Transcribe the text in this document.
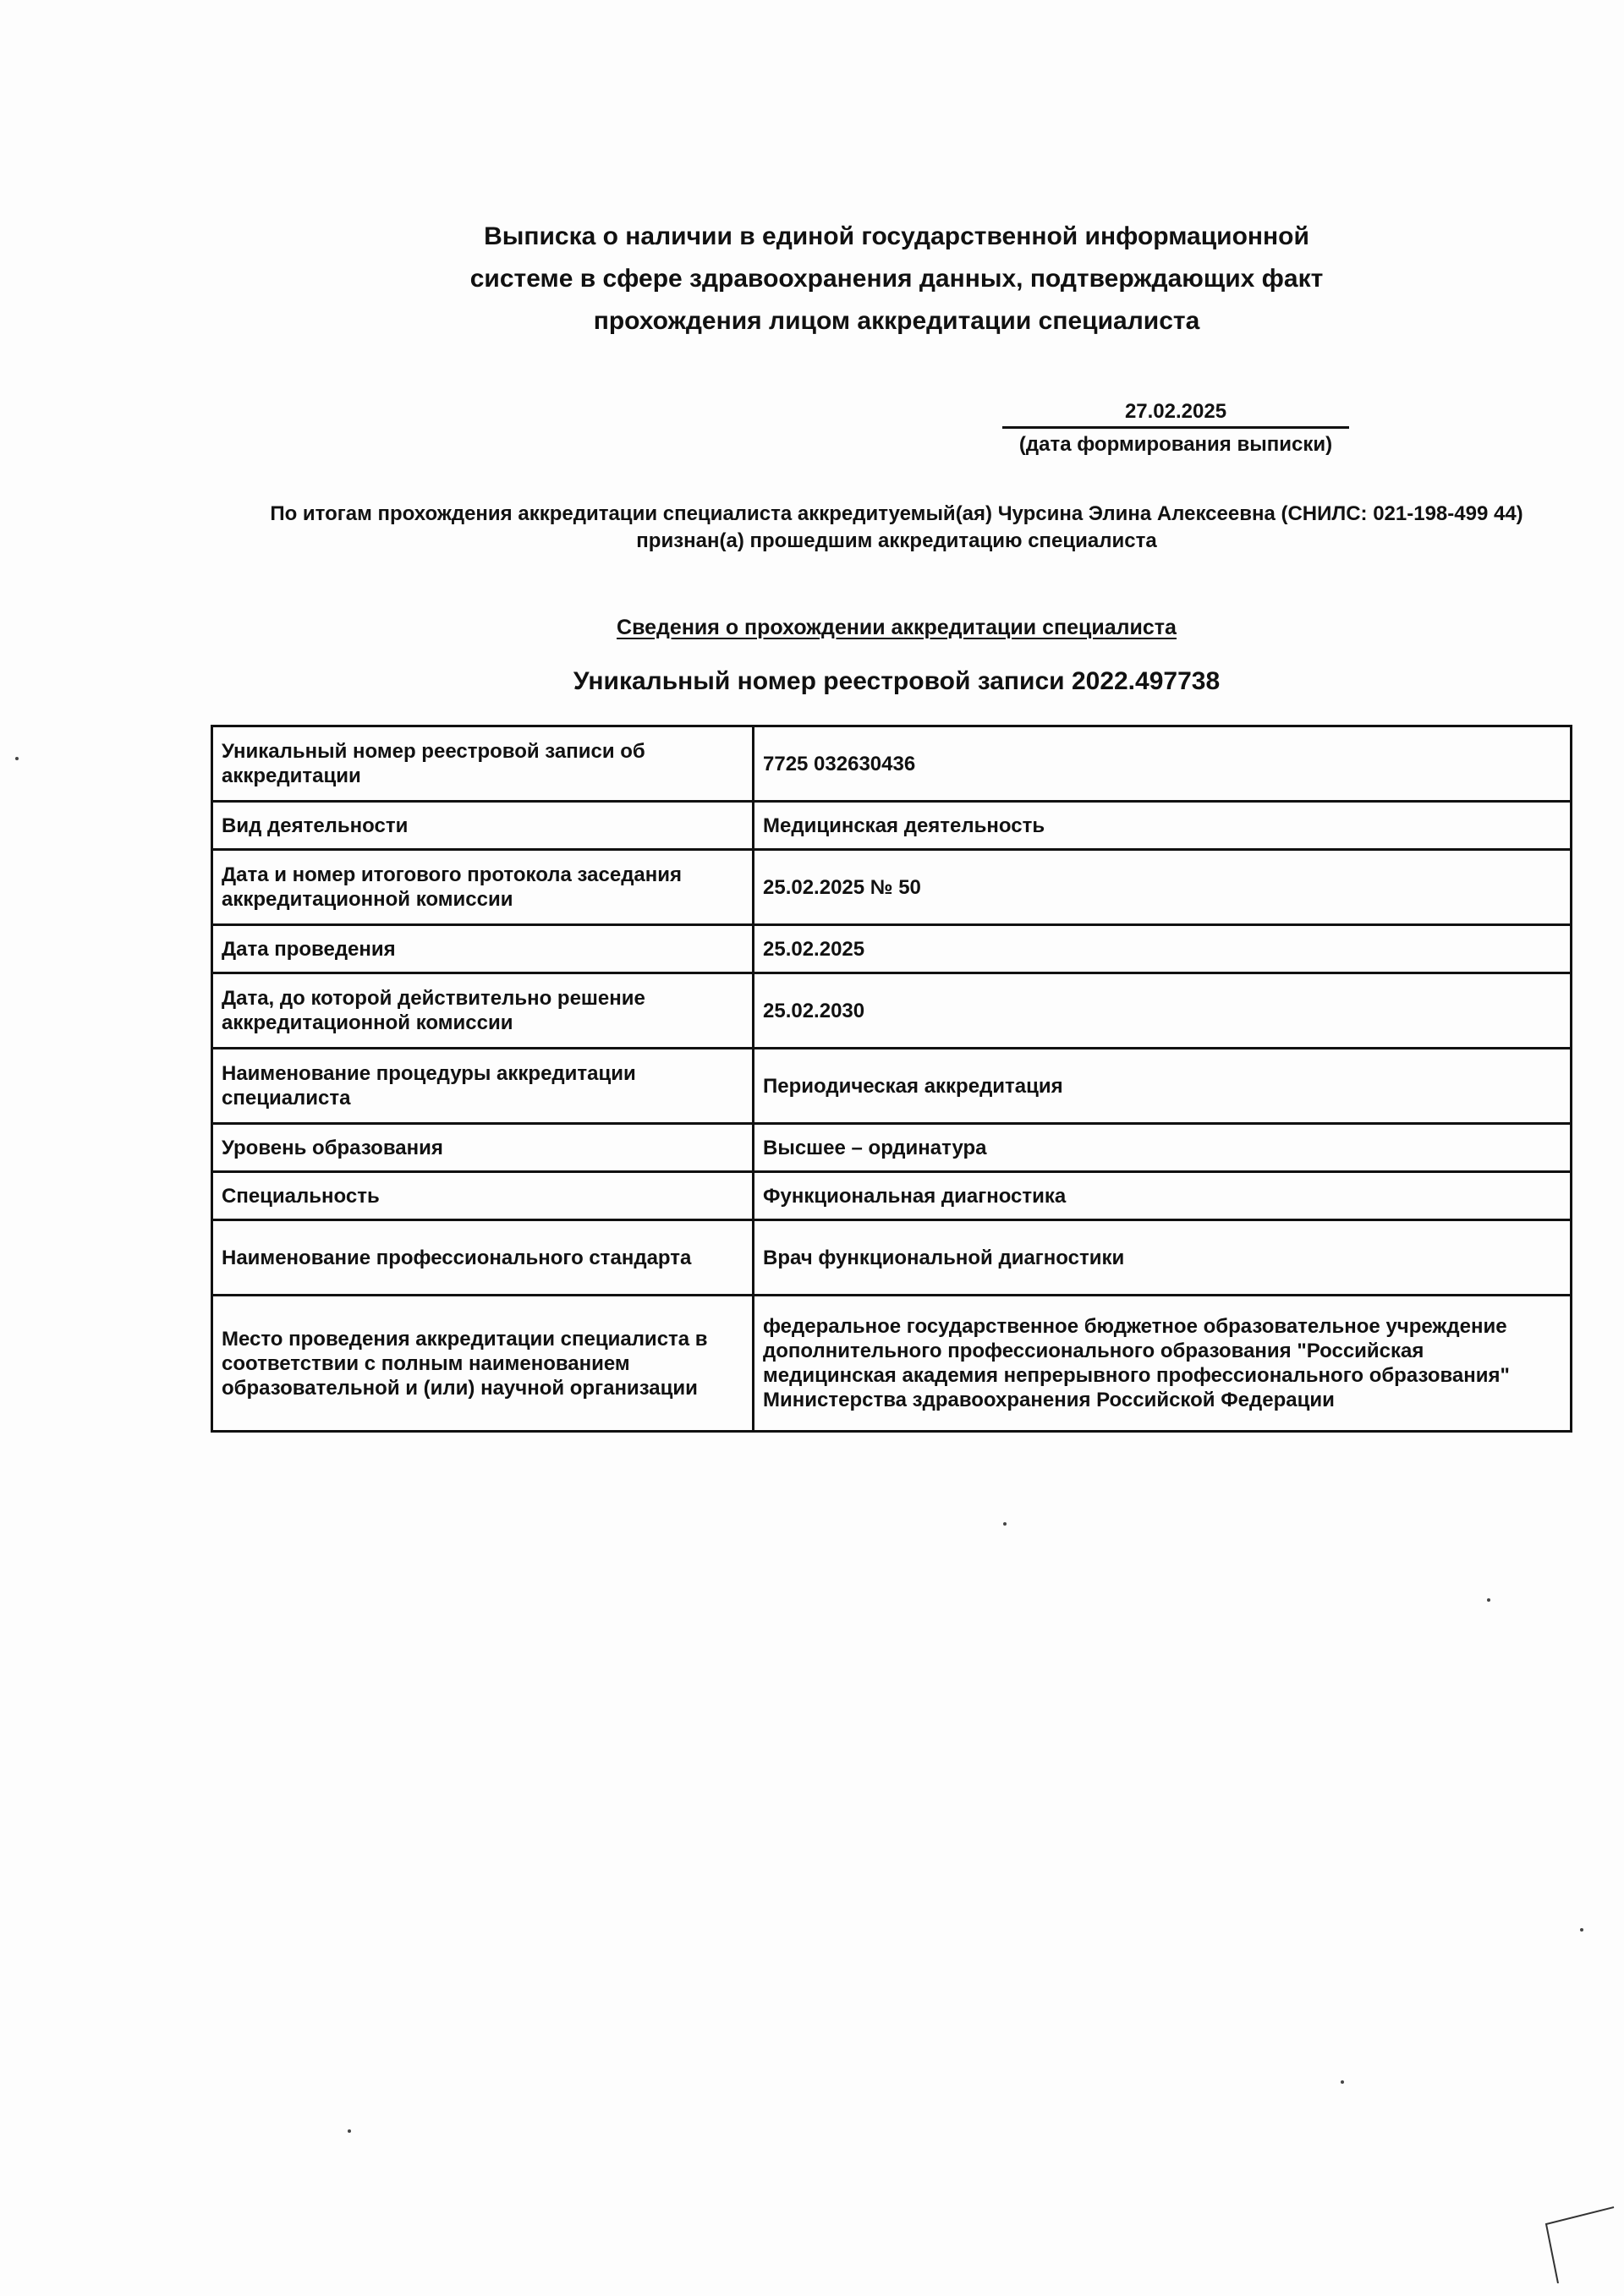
Выписка о наличии в единой государственной информационной
системе в сфере здравоохранения данных, подтверждающих факт
прохождения лицом аккредитации специалиста
27.02.2025
(дата формирования выписки)
По итогам прохождения аккредитации специалиста аккредитуемый(ая) Чурсина Элина Алексеевна (СНИЛС: 021-198-499 44) признан(а) прошедшим аккредитацию специалиста
Сведения о прохождении аккредитации специалиста
Уникальный номер реестровой записи 2022.497738
Уникальный номер реестровой записи об аккредитации	7725 032630436
Вид деятельности	Медицинская деятельность
Дата и номер итогового протокола заседания аккредитационной комиссии	25.02.2025 № 50
Дата проведения	25.02.2025
Дата, до которой действительно решение аккредитационной комиссии	25.02.2030
Наименование процедуры аккредитации специалиста	Периодическая аккредитация
Уровень образования	Высшее – ординатура
Специальность	Функциональная диагностика
Наименование профессионального стандарта	Врач функциональной диагностики
Место проведения аккредитации специалиста в соответствии с полным наименованием образовательной и (или) научной организации	федеральное государственное бюджетное образовательное учреждение дополнительного профессионального образования "Российская медицинская академия непрерывного профессионального образования" Министерства здравоохранения Российской Федерации
